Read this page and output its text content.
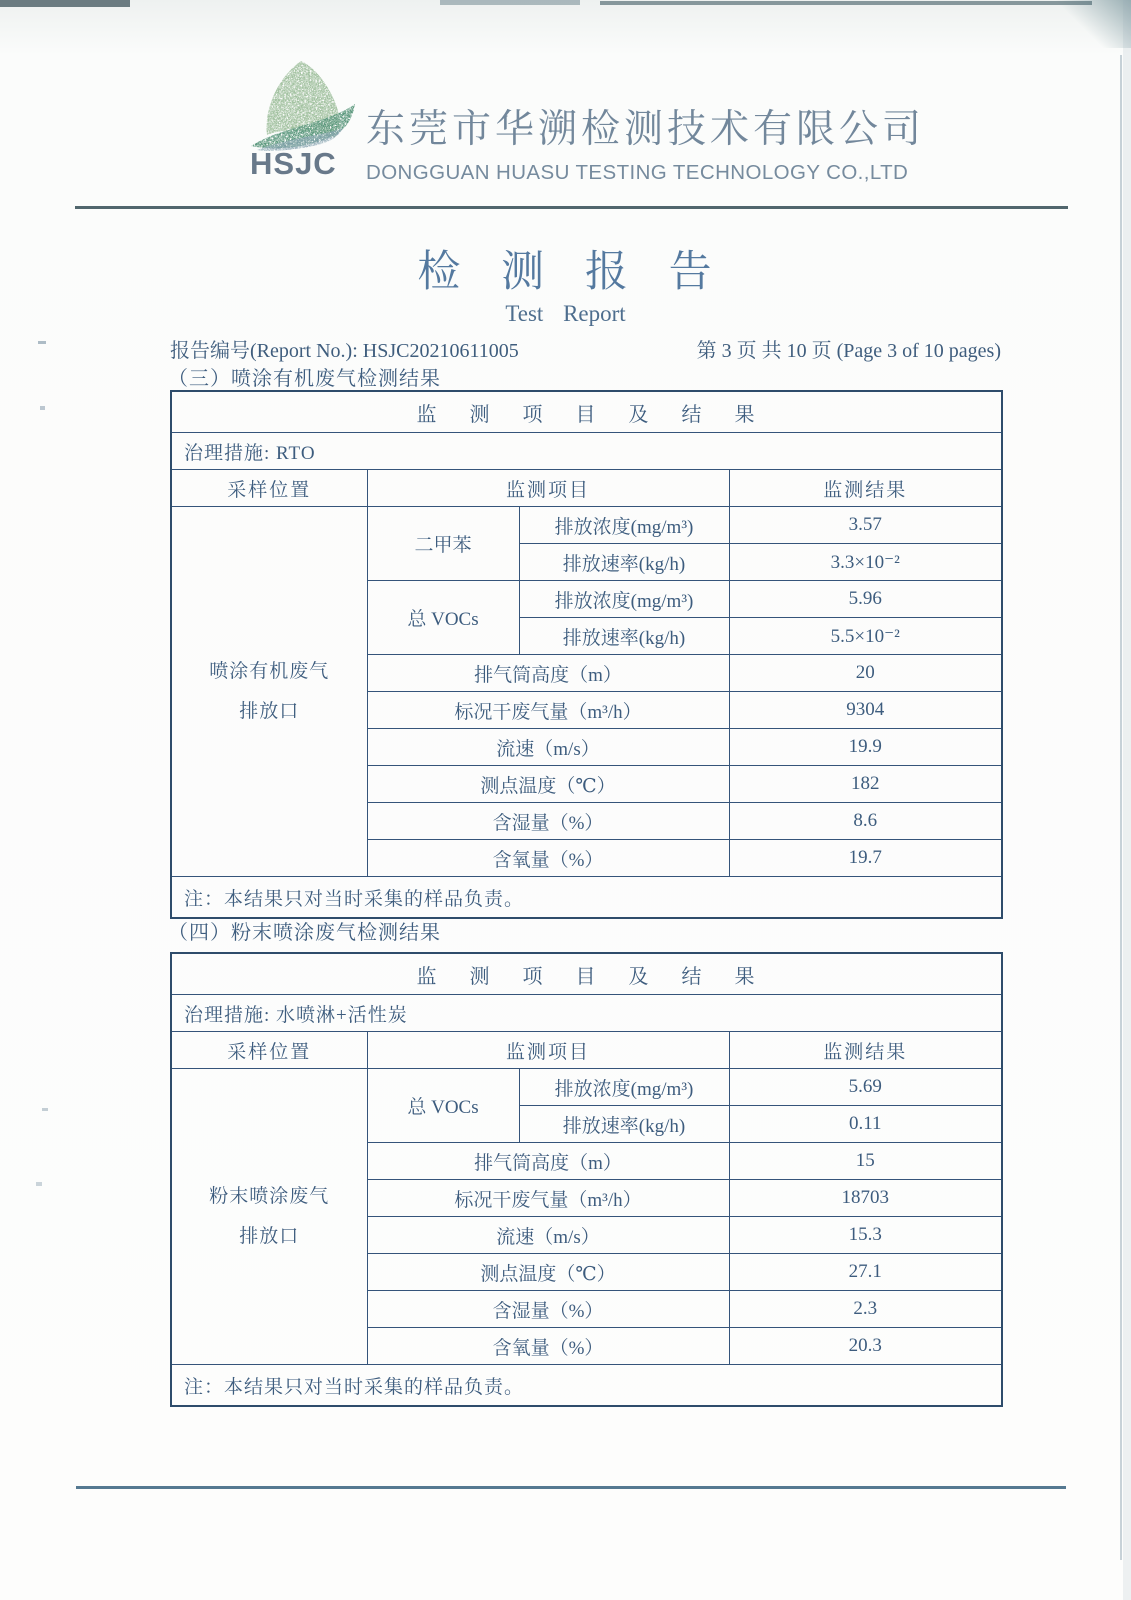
HSJC
东莞市华溯检测技术有限公司
DONGGUAN HUASU TESTING TECHNOLOGY CO.,LTD
检 测 报 告
Test Report
报告编号(Report No.): HSJC20210611005	第 3 页 共 10 页 (Page 3 of 10 pages)
（三）喷涂有机废气检测结果
监 测 项 目 及 结 果			
治理措施: RTO			
采样位置	监测项目		监测结果

喷涂有机废气
排放口	二甲苯	排放浓度(mg/m³)	3.57
		排放速率(kg/h)	3.3×10⁻²
	总 VOCs	排放浓度(mg/m³)	5.96
		排放速率(kg/h)	5.5×10⁻²
	排气筒高度（m）		20
	标况干废气量（m³/h）		9304
	流速（m/s）		19.9
	测点温度（℃）		182
	含湿量（%）		8.6
	含氧量（%）		19.7
注：本结果只对当时采集的样品负责。			
（四）粉末喷涂废气检测结果
监 测 项 目 及 结 果			
治理措施: 水喷淋+活性炭			
采样位置	监测项目		监测结果

粉末喷涂废气
排放口	总 VOCs	排放浓度(mg/m³)	5.69
		排放速率(kg/h)	0.11
	排气筒高度（m）		15
	标况干废气量（m³/h）		18703
	流速（m/s）		15.3
	测点温度（℃）		27.1
	含湿量（%）		2.3
	含氧量（%）		20.3
注：本结果只对当时采集的样品负责。			
